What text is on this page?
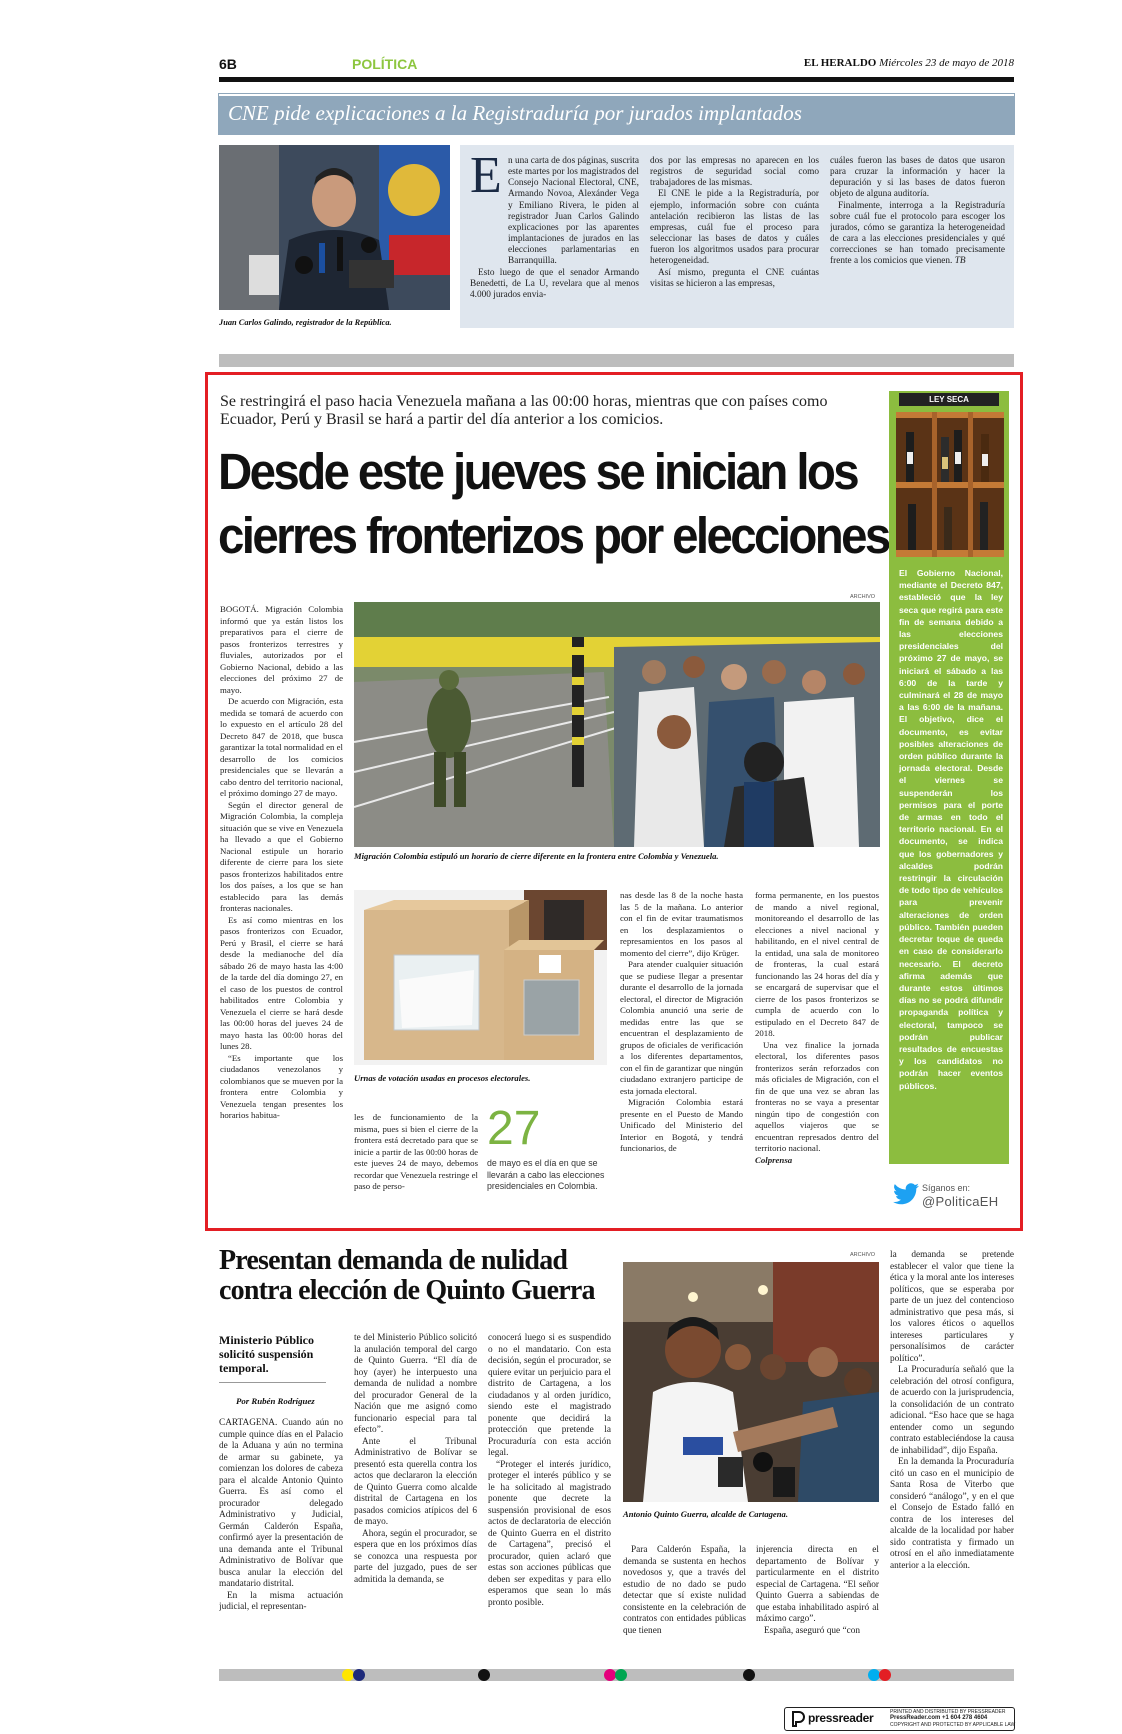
6B	POLÍTICA	EL HERALDO Miércoles 23 de mayo de 2018
CNE pide explicaciones a la Registraduría por jurados implantados
Juan Carlos Galindo, registrador de la República.
E n una carta de dos páginas, suscrita este martes por los magistrados del Consejo Nacional Electoral, CNE, Armando Novoa, Alexánder Vega y Emiliano Rivera, le piden al registrador Juan Carlos Galindo explicaciones por las aparentes implantaciones de jurados en las elecciones parlamentarias en Barranquilla.

Esto luego de que el senador Armando Benedetti, de La U, revelara que al menos 4.000 jurados envia-

dos por las empresas no aparecen en los registros de seguridad social como trabajadores de las mismas.

El CNE le pide a la Registraduría, por ejemplo, información sobre con cuánta antelación recibieron las listas de las empresas, cuál fue el proceso para seleccionar las bases de datos y cuáles fueron los algoritmos usados para procurar heterogeneidad.

Así mismo, pregunta el CNE cuántas visitas se hicieron a las empresas,

cuáles fueron las bases de datos que usaron para cruzar la información y hacer la depuración y si las bases de datos fueron objeto de alguna auditoría.

Finalmente, interroga a la Registraduría sobre cuál fue el protocolo para escoger los jurados, cómo se garantiza la heterogeneidad de cara a las elecciones presidenciales y qué correcciones se han tomado precisamente frente a los comicios que vienen. TB

Se restringirá el paso hacia Venezuela mañana a las 00:00 horas, mientras que con países como Ecuador, Perú y Brasil se hará a partir del día anterior a los comicios.
Desde este jueves se inician los
cierres fronterizos por elecciones
ARCHIVO

BOGOTÁ. Migración Colombia informó que ya están listos los preparativos para el cierre de pasos fronterizos terrestres y fluviales, autorizados por el Gobierno Nacional, debido a las elecciones del próximo 27 de mayo.

De acuerdo con Migración, esta medida se tomará de acuerdo con lo expuesto en el artículo 28 del Decreto 847 de 2018, que busca garantizar la total normalidad en el desarrollo de los comicios presidenciales que se llevarán a cabo dentro del territorio nacional, el próximo domingo 27 de mayo.

Según el director general de Migración Colombia, la compleja situación que se vive en Venezuela ha llevado a que el Gobierno Nacional estipule un horario diferente de cierre para los siete pasos fronterizos habilitados entre los dos países, a los que se han establecido para las demás fronteras nacionales.

Es así como mientras en los pasos fronterizos con Ecuador, Perú y Brasil, el cierre se hará desde la medianoche del día sábado 26 de mayo hasta las 4:00 de la tarde del día domingo 27, en el caso de los puestos de control habilitados entre Colombia y Venezuela el cierre se hará desde las 00:00 horas del jueves 24 de mayo hasta las 00:00 horas del lunes 28.

“Es importante que los ciudadanos venezolanos y colombianos que se mueven por la frontera entre Colombia y Venezuela tengan presentes los horarios habitua-

Migración Colombia estipuló un horario de cierre diferente en la frontera entre Colombia y Venezuela.
Urnas de votación usadas en procesos electorales.

les de funcionamiento de la misma, pues si bien el cierre de la frontera está decretado para que se inicie a partir de las 00:00 horas de este jueves 24 de mayo, debemos recordar que Venezuela restringe el paso de perso-

27
de mayo es el día en que se llevarán a cabo las elecciones presidenciales en Colombia.

nas desde las 8 de la noche hasta las 5 de la mañana. Lo anterior con el fin de evitar traumatismos en los desplazamientos o represamientos en los pasos al momento del cierre”, dijo Krüger.

Para atender cualquier situación que se pudiese llegar a presentar durante el desarrollo de la jornada electoral, el director de Migración Colombia anunció una serie de medidas entre las que se encuentran el desplazamiento de grupos de oficiales de verificación a los diferentes departamentos, con el fin de garantizar que ningún ciudadano extranjero participe de esta jornada electoral.

Migración Colombia estará presente en el Puesto de Mando Unificado del Ministerio del Interior en Bogotá, y tendrá funcionarios, de

forma permanente, en los puestos de mando a nivel regional, monitoreando el desarrollo de las elecciones a nivel nacional y habilitando, en el nivel central de la entidad, una sala de monitoreo de fronteras, la cual estará funcionando las 24 horas del día y se encargará de supervisar que el cierre de los pasos fronterizos se cumpla de acuerdo con lo estipulado en el Decreto 847 de 2018.

Una vez finalice la jornada electoral, los diferentes pasos fronterizos serán reforzados con más oficiales de Migración, con el fin de que una vez se abran las fronteras no se vaya a presentar ningún tipo de congestión con aquellos viajeros que se encuentran represados dentro del territorio nacional.

Colprensa

LEY SECA
El Gobierno Nacional, mediante el Decreto 847, estableció que la ley seca que regirá para este fin de semana debido a las elecciones presidenciales del próximo 27 de mayo, se iniciará el sábado a las 6:00 de la tarde y culminará el 28 de mayo a las 6:00 de la mañana. El objetivo, dice el documento, es evitar posibles alteraciones de orden público durante la jornada electoral. Desde el viernes se suspenderán los permisos para el porte de armas en todo el territorio nacional. En el documento, se indica que los gobernadores y alcaldes podrán restringir la circulación de todo tipo de vehículos para prevenir alteraciones de orden público. También pueden decretar toque de queda en caso de considerarlo necesario. El decreto afirma además que durante estos últimos días no se podrá difundir propaganda política y electoral, tampoco se podrán publicar resultados de encuestas y los candidatos no podrán hacer eventos públicos.
Síganos en:
@PoliticaEH
Presentan demanda de nulidad
contra elección de Quinto Guerra
Ministerio Público solicitó suspensión temporal.
Por Rubén Rodríguez

CARTAGENA. Cuando aún no cumple quince días en el Palacio de la Aduana y aún no termina de armar su gabinete, ya comienzan los dolores de cabeza para el alcalde Antonio Quinto Guerra. Es así como el procurador delegado Administrativo y Judicial, Germán Calderón España, confirmó ayer la presentación de una demanda ante el Tribunal Administrativo de Bolívar que busca anular la elección del mandatario distrital.

En la misma actuación judicial, el representan-

te del Ministerio Público solicitó la anulación temporal del cargo de Quinto Guerra. “El día de hoy (ayer) he interpuesto una demanda de nulidad a nombre del procurador General de la Nación que me asignó como funcionario especial para tal efecto”.

Ante el Tribunal Administrativo de Bolívar se presentó esta querella contra los actos que declararon la elección de Quinto Guerra como alcalde distrital de Cartagena en los pasados comicios atípicos del 6 de mayo.

Ahora, según el procurador, se espera que en los próximos días se conozca una respuesta por parte del juzgado, pues de ser admitida la demanda, se

conocerá luego si es suspendido o no el mandatario. Con esta decisión, según el procurador, se quiere evitar un perjuicio para el distrito de Cartagena, a los ciudadanos y al orden jurídico, siendo este el magistrado ponente que decidirá la protección que pretende la Procuraduría con esta acción legal.

“Proteger el interés jurídico, proteger el interés público y se le ha solicitado al magistrado ponente que decrete la suspensión provisional de esos actos de declaratoria de elección de Quinto Guerra en el distrito de Cartagena”, precisó el procurador, quien aclaró que estas son acciones públicas que deben ser expeditas y para ello esperamos que sean lo más pronto posible.

ARCHIVO
Antonio Quinto Guerra, alcalde de Cartagena.

Para Calderón España, la demanda se sustenta en hechos novedosos y, que a través del estudio de no dado se pudo detectar que sí existe nulidad consistente en la celebración de contratos con entidades públicas que tienen

injerencia directa en el departamento de Bolívar y particularmente en el distrito especial de Cartagena. “El señor Quinto Guerra a sabiendas de que estaba inhabilitado aspiró al máximo cargo”.

España, aseguró que “con

la demanda se pretende establecer el valor que tiene la ética y la moral ante los intereses políticos, que se esperaba por parte de un juez del contencioso administrativo que pesa más, si los valores éticos o aquellos intereses particulares y personalísimos de carácter político”.

La Procuraduría señaló que la celebración del otrosí configura, de acuerdo con la jurisprudencia, la consolidación de un contrato adicional. “Eso hace que se haga entender como un segundo contrato estableciéndose la causa de inhabilidad”, dijo España.

En la demanda la Procuraduría citó un caso en el municipio de Santa Rosa de Viterbo que consideró “análogo”, y en el que el Consejo de Estado falló en contra de los intereses del alcalde de la localidad por haber sido contratista y firmado un otrosí en el año inmediatamente anterior a la elección.

pressreader	PRINTED AND DISTRIBUTED BY PRESSREADER
PressReader.com +1 604 278 4604
COPYRIGHT AND PROTECTED BY APPLICABLE LAW
